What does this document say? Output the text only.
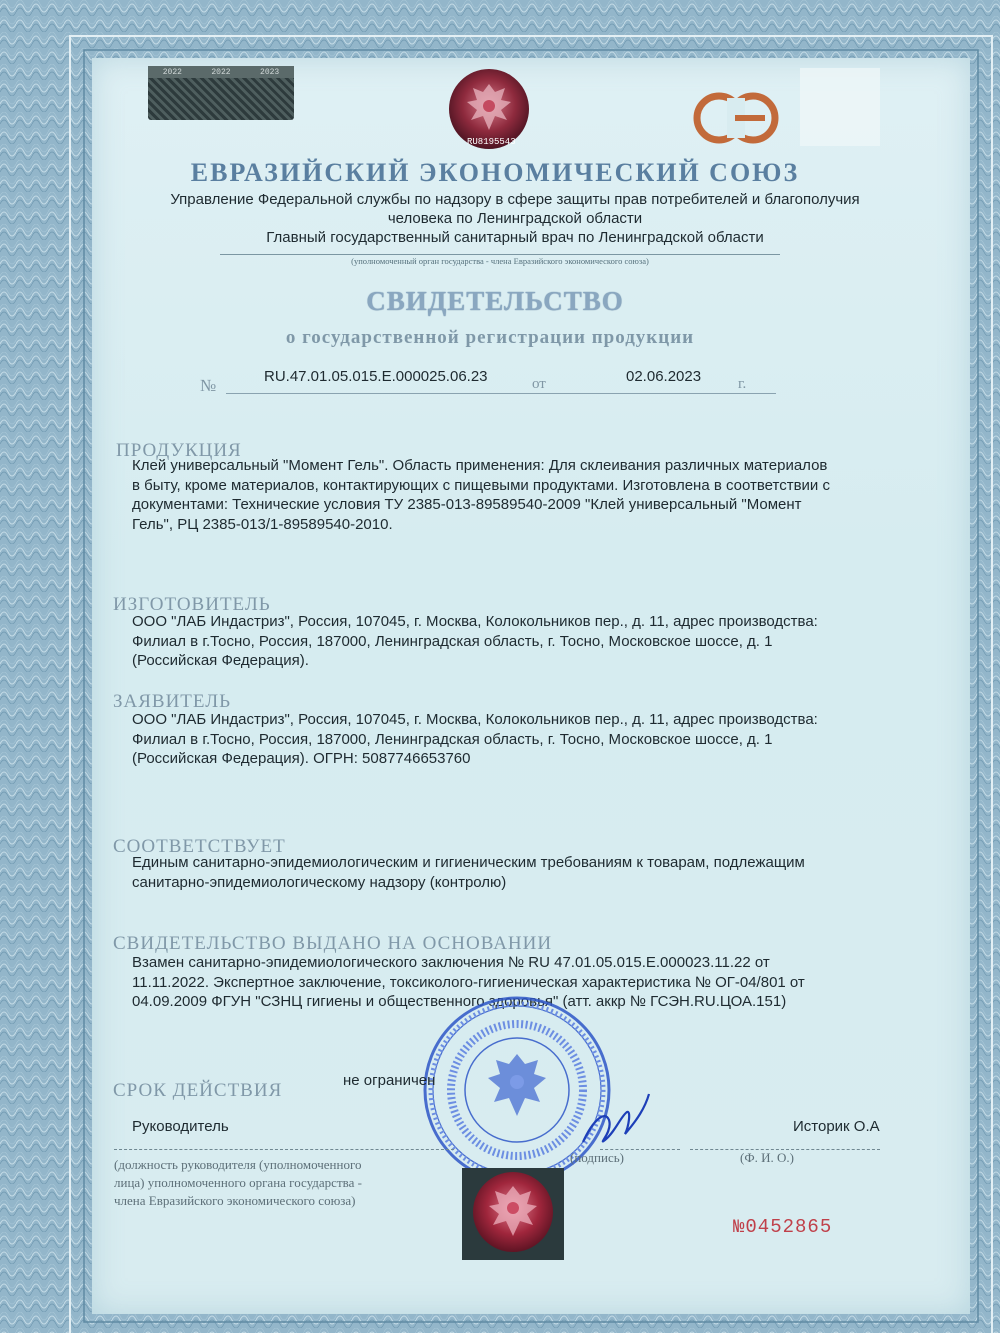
2022	2022	2023
RU8195543
ЕВРАЗИЙСКИЙ ЭКОНОМИЧЕСКИЙ СОЮЗ
Управление Федеральной службы по надзору в сфере защиты прав потребителей и благополучия
человека по Ленинградской области
Главный государственный санитарный врач по Ленинградской области
(уполномоченный орган государства - члена Евразийского экономического союза)
СВИДЕТЕЛЬСТВО
о государственной регистрации продукции
№	RU.47.01.05.015.Е.000025.06.23	от	02.06.2023 г.
ПРОДУКЦИЯ
Клей универсальный "Момент Гель". Область применения: Для склеивания различных материалов
в быту, кроме материалов, контактирующих с пищевыми продуктами. Изготовлена в соответствии с
документами: Технические условия ТУ 2385-013-89589540-2009 "Клей универсальный "Момент
Гель", РЦ 2385-013/1-89589540-2010.
ИЗГОТОВИТЕЛЬ
ООО "ЛАБ Индастриз", Россия, 107045, г. Москва, Колокольников пер., д. 11, адрес производства:
Филиал в г.Тосно, Россия, 187000, Ленинградская область, г. Тосно, Московское шоссе, д. 1
(Российская Федерация).
ЗАЯВИТЕЛЬ
ООО "ЛАБ Индастриз", Россия, 107045, г. Москва, Колокольников пер., д. 11, адрес производства:
Филиал в г.Тосно, Россия, 187000, Ленинградская область, г. Тосно, Московское шоссе, д. 1
(Российская Федерация). ОГРН: 5087746653760
СООТВЕТСТВУЕТ
Единым санитарно-эпидемиологическим и гигиеническим требованиям к товарам, подлежащим
санитарно-эпидемиологическому надзору (контролю)
СВИДЕТЕЛЬСТВО ВЫДАНО НА ОСНОВАНИИ
Взамен санитарно-эпидемиологического заключения № RU 47.01.05.015.Е.000023.11.22 от
11.11.2022. Экспертное заключение, токсиколого-гигиеническая характеристика № ОГ-04/801 от
04.09.2009 ФГУН "СЗНЦ гигиены и общественного здоровья" (атт. аккр № ГСЭН.RU.ЦОА.151)
СРОК ДЕЙСТВИЯ	не ограничен
Руководитель	Историк О.А
(должность руководителя (уполномоченного
лица) уполномоченного органа государства -
члена Евразийского экономического союза)
(подпись)	(Ф. И. О.)
№0452865
